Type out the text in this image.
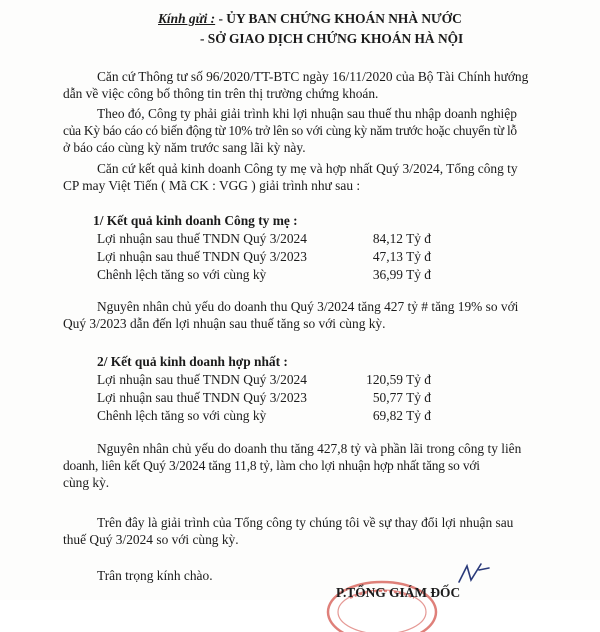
Kính gửi : - ỦY BAN CHỨNG KHOÁN NHÀ NƯỚC
- SỞ GIAO DỊCH CHỨNG KHOÁN HÀ NỘI
Căn cứ Thông tư số 96/2020/TT-BTC ngày 16/11/2020 của Bộ Tài Chính hướng
dẫn về việc công bố thông tin trên thị trường chứng khoán.
Theo đó, Công ty phải giải trình khi lợi nhuận sau thuế thu nhập doanh nghiệp
của Kỳ báo cáo có biến động từ 10% trở lên so với cùng kỳ năm trước hoặc chuyển từ lỗ
ở báo cáo cùng kỳ năm trước sang lãi kỳ này.
Căn cứ kết quả kinh doanh Công ty mẹ và hợp nhất Quý 3/2024, Tổng công ty
CP may Việt Tiến ( Mã CK : VGG ) giải trình như sau :
1/ Kết quả kinh doanh Công ty mẹ :
Lợi nhuận sau thuế TNDN Quý 3/2024	84,12 Tỷ đ
Lợi nhuận sau thuế TNDN Quý 3/2023	47,13 Tỷ đ
Chênh lệch tăng so với cùng kỳ	36,99 Tỷ đ
Nguyên nhân chủ yếu do doanh thu Quý 3/2024 tăng 427 tỷ # tăng 19% so với
Quý 3/2023 dẫn đến lợi nhuận sau thuế tăng so với cùng kỳ.
2/ Kết quả kinh doanh hợp nhất :
Lợi nhuận sau thuế TNDN Quý 3/2024	120,59 Tỷ đ
Lợi nhuận sau thuế TNDN Quý 3/2023	50,77 Tỷ đ
Chênh lệch tăng so với cùng kỳ	69,82 Tỷ đ
Nguyên nhân chủ yếu do doanh thu tăng 427,8 tỷ và phần lãi trong công ty liên
doanh, liên kết Quý 3/2024 tăng 11,8 tỷ, làm cho lợi nhuận hợp nhất tăng so với
cùng kỳ.
Trên đây là giải trình của Tổng công ty chúng tôi về sự thay đổi lợi nhuận sau
thuế Quý 3/2024 so với cùng kỳ.
Trân trọng kính chào.
P.TỔNG GIÁM ĐỐC
